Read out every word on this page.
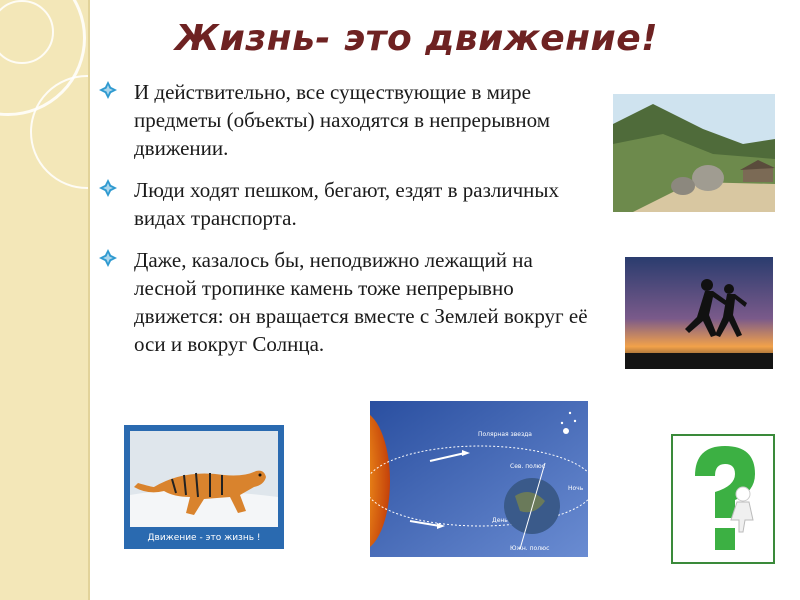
Жизнь- это движение!
И действительно, все существующие в мире предметы (объекты) находятся в непрерывном движении.
Люди ходят пешком, бегают, ездят в различных видах транспорта.
Даже, казалось бы, неподвижно лежащий на лесной тропинке камень тоже непрерывно движется: он вращается вместе с Землей вокруг её оси и вокруг Солнца.
Полярная звезда
Сев. полюс
Ночь
День
Южн. полюс
Движение - это жизнь !
